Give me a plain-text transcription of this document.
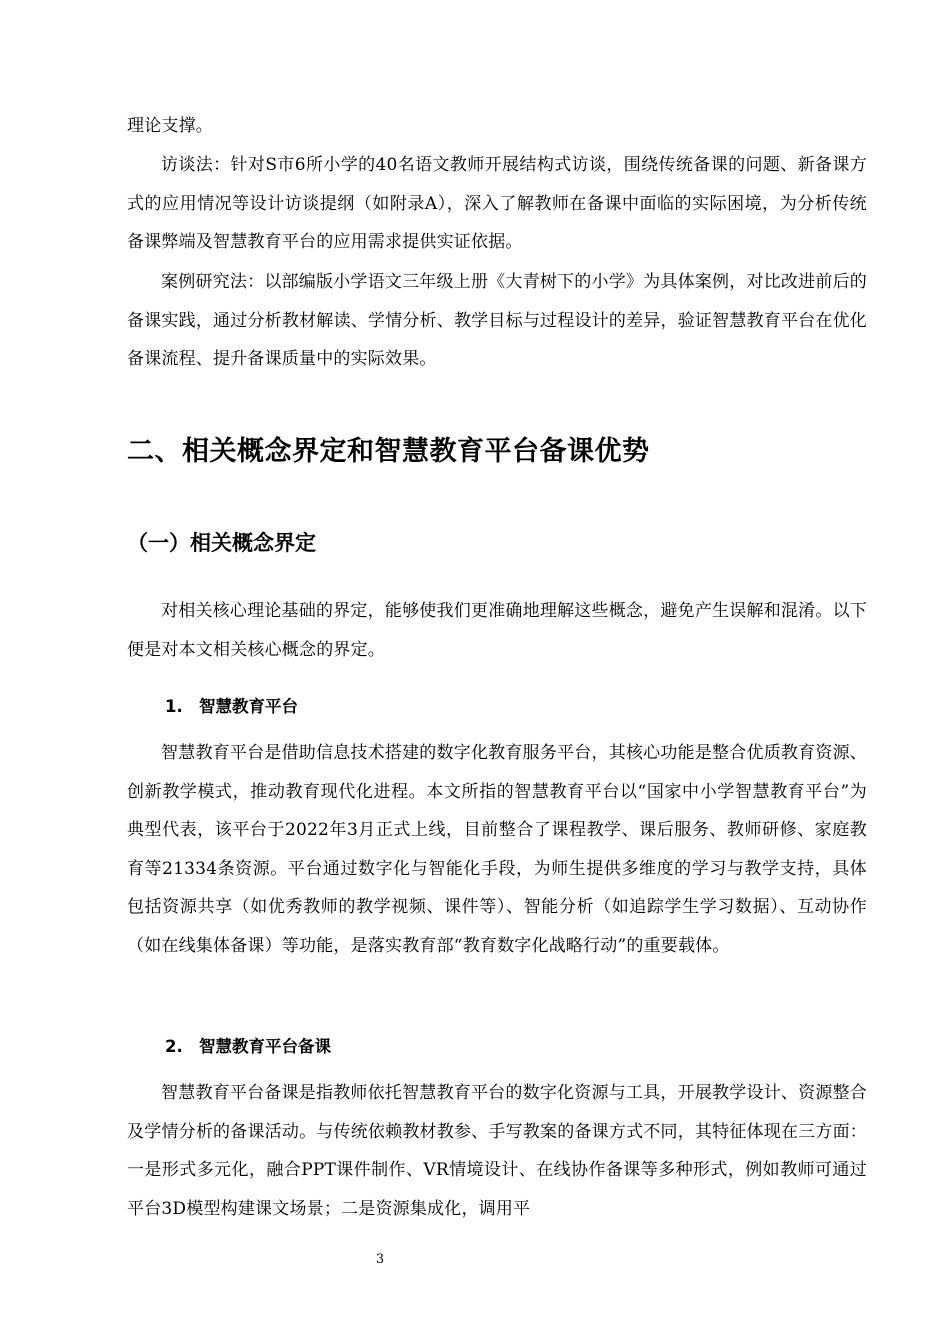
理论支撑。

访谈法：针对S市6所小学的40名语文教师开展结构式访谈，围绕传统备课的问题、新备课方式的应用情况等设计访谈提纲（如附录A），深入了解教师在备课中面临的实际困境，为分析传统备课弊端及智慧教育平台的应用需求提供实证依据。

案例研究法：以部编版小学语文三年级上册《大青树下的小学》为具体案例，对比改进前后的备课实践，通过分析教材解读、学情分析、教学目标与过程设计的差异，验证智慧教育平台在优化备课流程、提升备课质量中的实际效果。

二、相关概念界定和智慧教育平台备课优势
（一）相关概念界定

对相关核心理论基础的界定，能够使我们更准确地理解这些概念，避免产生误解和混淆。以下便是对本文相关核心概念的界定。

1. 智慧教育平台

智慧教育平台是借助信息技术搭建的数字化教育服务平台，其核心功能是整合优质教育资源、创新教学模式，推动教育现代化进程。本文所指的智慧教育平台以“国家中小学智慧教育平台”为典型代表，该平台于2022年3月正式上线，目前整合了课程教学、课后服务、教师研修、家庭教育等21334条资源。平台通过数字化与智能化手段，为师生提供多维度的学习与教学支持，具体包括资源共享（如优秀教师的教学视频、课件等）、智能分析（如追踪学生学习数据）、互动协作（如在线集体备课）等功能，是落实教育部“教育数字化战略行动”的重要载体。

2. 智慧教育平台备课

智慧教育平台备课是指教师依托智慧教育平台的数字化资源与工具，开展教学设计、资源整合及学情分析的备课活动。与传统依赖教材教参、手写教案的备课方式不同，其特征体现在三方面：一是形式多元化，融合PPT课件制作、VR情境设计、在线协作备课等多种形式，例如教师可通过平台3D模型构建课文场景；二是资源集成化，调用平

3
